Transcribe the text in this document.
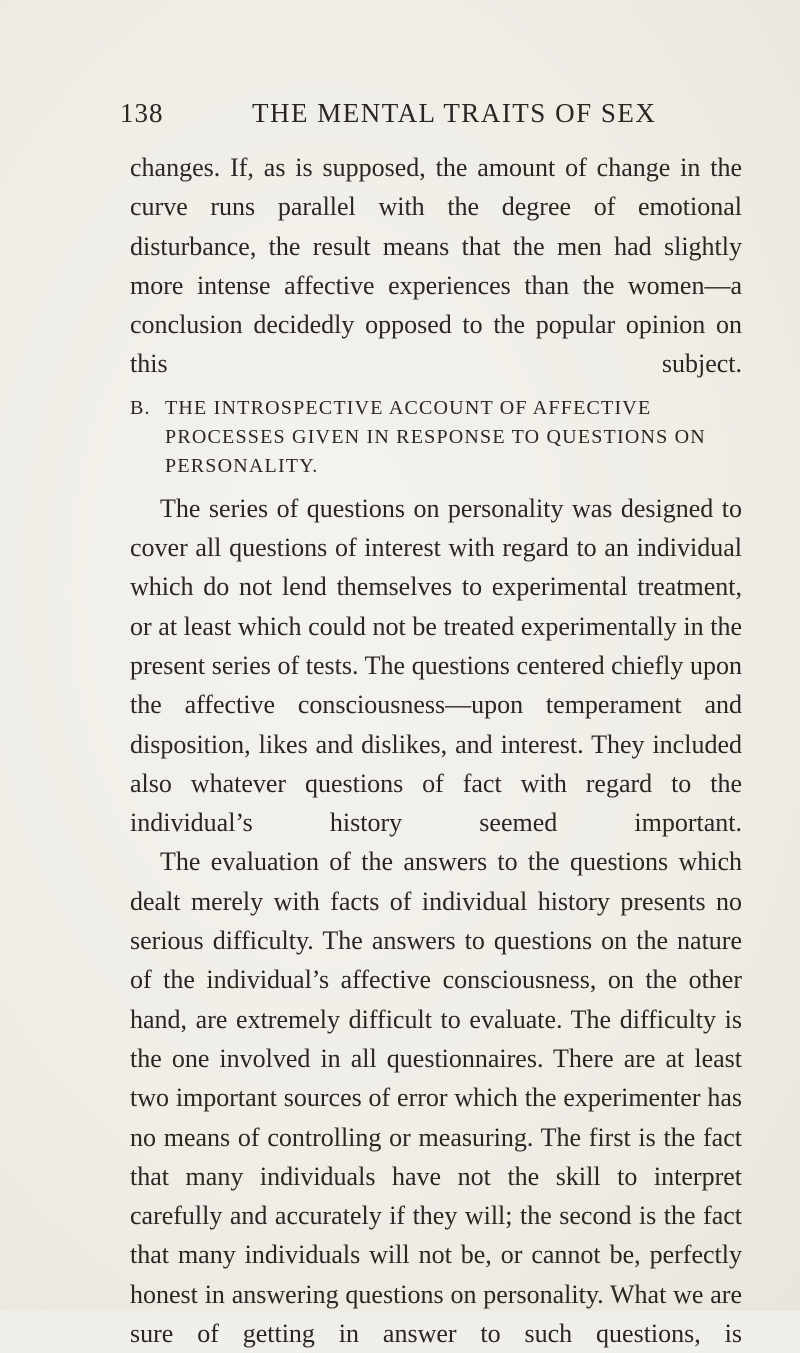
138	THE MENTAL TRAITS OF SEX

changes. If, as is supposed, the amount of change in the curve runs parallel with the degree of emotional disturbance, the result means that the men had slightly more intense affective experiences than the women—a conclusion decidedly opposed to the popular opinion on this subject.

B. THE INTROSPECTIVE ACCOUNT OF AFFECTIVE PROCESSES GIVEN IN RESPONSE TO QUESTIONS ON PERSONALITY.

The series of questions on personality was designed to cover all questions of interest with regard to an individual which do not lend themselves to experimental treatment, or at least which could not be treated experimentally in the present series of tests. The questions centered chiefly upon the affective consciousness—upon temperament and disposition, likes and dislikes, and interest. They included also whatever questions of fact with regard to the individual’s history seemed important.

The evaluation of the answers to the questions which dealt merely with facts of individual history presents no serious difficulty. The answers to questions on the nature of the individual’s affective consciousness, on the other hand, are extremely difficult to evaluate. The difficulty is the one involved in all questionnaires. There are at least two important sources of error which the experimenter has no means of controlling or measuring. The first is the fact that many individuals have not the skill to interpret carefully and accurately if they will; the second is the fact that many individuals will not be, or cannot be, perfectly honest in answering questions on personality. What we are sure of getting in answer to such questions, is
